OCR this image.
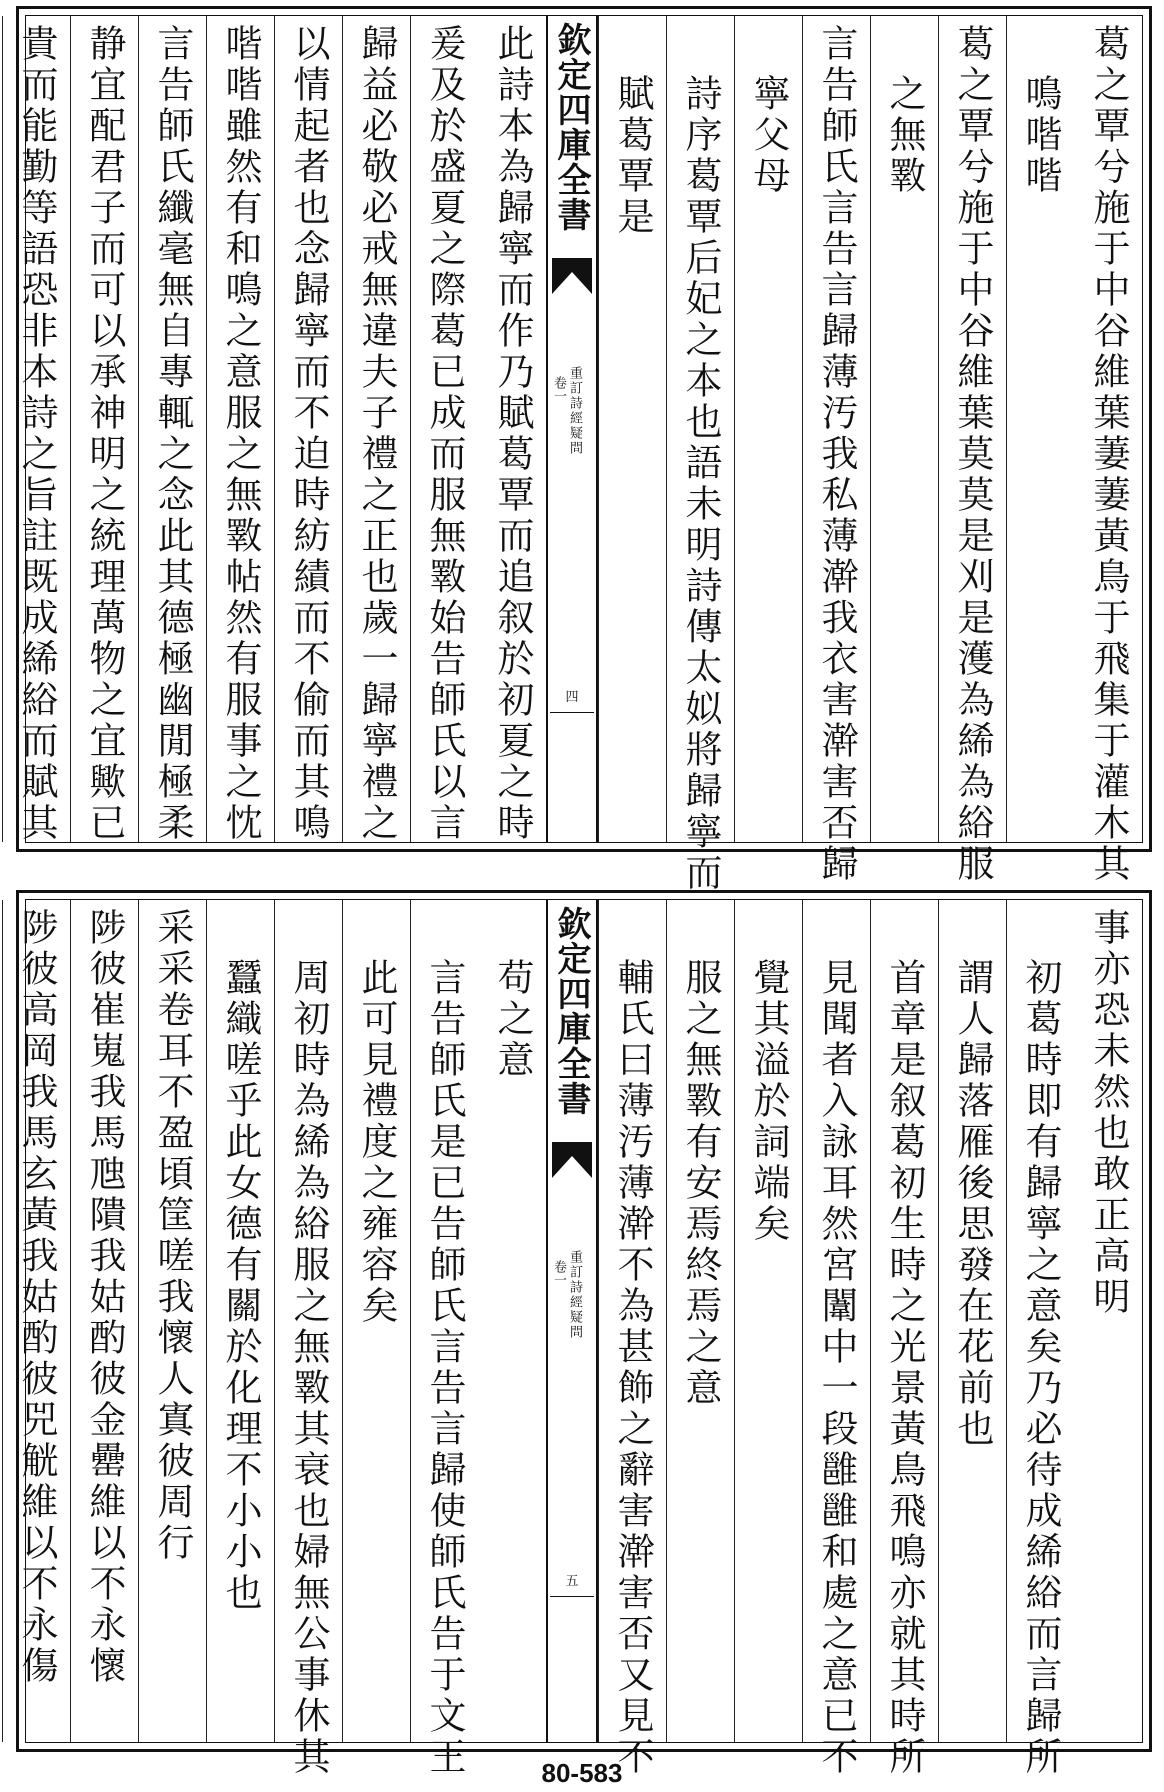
葛之覃兮施于中谷維葉萋萋黃鳥于飛集于灌木其
鳴喈喈
葛之覃兮施于中谷維葉莫莫是刈是濩為絺為綌服
之無斁
言告師氏言告言歸薄汚我私薄澣我衣害澣害否歸
寧父母
詩序葛覃后妃之本也語未明詩傳太姒將歸寧而
賦葛覃是
欽定四庫全書
重訂詩經疑問
卷一
四
此詩本為歸寧而作乃賦葛覃而追叙於初夏之時
爰及於盛夏之際葛已成而服無斁始告師氏以言
歸益必敬必戒無違夫子禮之正也歲一歸寧禮之
以情起者也念歸寧而不迫時紡績而不偷而其鳴
喈喈雖然有和鳴之意服之無斁帖然有服事之忱
言告師氏纖毫無自專輒之念此其德極幽閒極柔
静宜配君子而可以承神明之統理萬物之宜歟已
貴而能勤等語恐非本詩之旨註既成絺綌而賦其
事亦恐未然也敢正高明
初葛時即有歸寧之意矣乃必待成絺綌而言歸所
謂人歸落雁後思發在花前也
首章是叙葛初生時之光景黃鳥飛鳴亦就其時所
見聞者入詠耳然宮闈中一段雝雝和處之意已不
覺其溢於詞端矣
服之無斁有安焉終焉之意
輔氏曰薄汚薄澣不為甚飾之辭害澣害否又見不
欽定四庫全書
重訂詩經疑問
卷一
五
苟之意
言告師氏是已告師氏言告言歸使師氏告于文王
此可見禮度之雍容矣
周初時為絺為綌服之無斁其衰也婦無公事休其
蠶織嗟乎此女德有關於化理不小小也
采采卷耳不盈頃筐嗟我懷人寘彼周行
陟彼崔嵬我馬虺隤我姑酌彼金罍維以不永懷
陟彼高岡我馬玄黃我姑酌彼兕觥維以不永傷
80-583
